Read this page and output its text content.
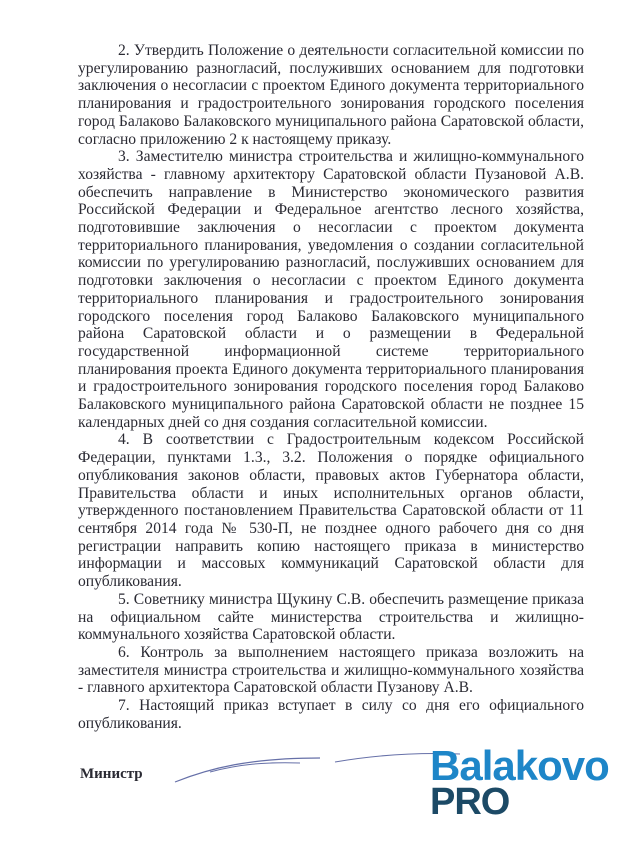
2. Утвердить Положение о деятельности согласительной комиссии по урегулированию разногласий, послуживших основанием для подготовки заключения о несогласии с проектом Единого документа территориального планирования и градостроительного зонирования городского поселения город Балаково Балаковского муниципального района Саратовской области, согласно приложению 2 к настоящему приказу.

3. Заместителю министра строительства и жилищно-коммунального хозяйства - главному архитектору Саратовской области Пузановой А.В. обеспечить направление в Министерство экономического развития Российской Федерации и Федеральное агентство лесного хозяйства, подготовившие заключения о несогласии с проектом документа территориального планирования, уведомления о создании согласительной комиссии по урегулированию разногласий, послуживших основанием для подготовки заключения о несогласии с проектом Единого документа территориального планирования и градостроительного зонирования городского поселения город Балаково Балаковского муниципального района Саратовской области и о размещении в Федеральной государственной информационной системе территориального планирования проекта Единого документа территориального планирования и градостроительного зонирования городского поселения город Балаково Балаковского муниципального района Саратовской области не позднее 15 календарных дней со дня создания согласительной комиссии.

4. В соответствии с Градостроительным кодексом Российской Федерации, пунктами 1.3., 3.2. Положения о порядке официального опубликования законов области, правовых актов Губернатора области, Правительства области и иных исполнительных органов области, утвержденного постановлением Правительства Саратовской области от 11 сентября 2014 года № 530-П, не позднее одного рабочего дня со дня регистрации направить копию настоящего приказа в министерство информации и массовых коммуникаций Саратовской области для опубликования.

5. Советнику министра Щукину С.В. обеспечить размещение приказа на официальном сайте министерства строительства и жилищно-коммунального хозяйства Саратовской области.

6. Контроль за выполнением настоящего приказа возложить на заместителя министра строительства и жилищно-коммунального хозяйства - главного архитектора Саратовской области Пузанову А.В.

7. Настоящий приказ вступает в силу со дня его официального опубликования.

Министр	Balakovo
PRO
